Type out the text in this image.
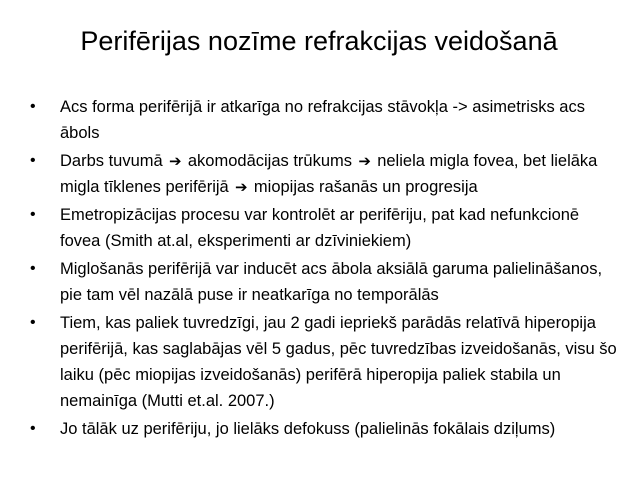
Perifērijas nozīme refrakcijas veidošanā
• Acs forma perifērijā ir atkarīga no refrakcijas stāvokļa -> asimetrisks acs ābols
• Darbs tuvumā ➔ akomodācijas trūkums ➔ neliela migla fovea, bet lielāka migla tīklenes perifērijā ➔ miopijas rašanās un progresija
• Emetropizācijas procesu var kontrolēt ar perifēriju, pat kad nefunkcionē fovea (Smith at.al, eksperimenti ar dzīviniekiem)
• Miglošanās perifērijā var inducēt acs ābola aksiālā garuma palielināšanos, pie tam vēl nazālā puse ir neatkarīga no temporālās
• Tiem, kas paliek tuvredzīgi, jau 2 gadi iepriekš parādās relatīvā hiperopija perifērijā, kas saglabājas vēl 5 gadus, pēc tuvredzības izveidošanās, visu šo laiku (pēc miopijas izveidošanās) perifērā hiperopija paliek stabila un nemainīga (Mutti et.al. 2007.)
• Jo tālāk uz perifēriju, jo lielāks defokuss (palielinās fokālais dziļums)
